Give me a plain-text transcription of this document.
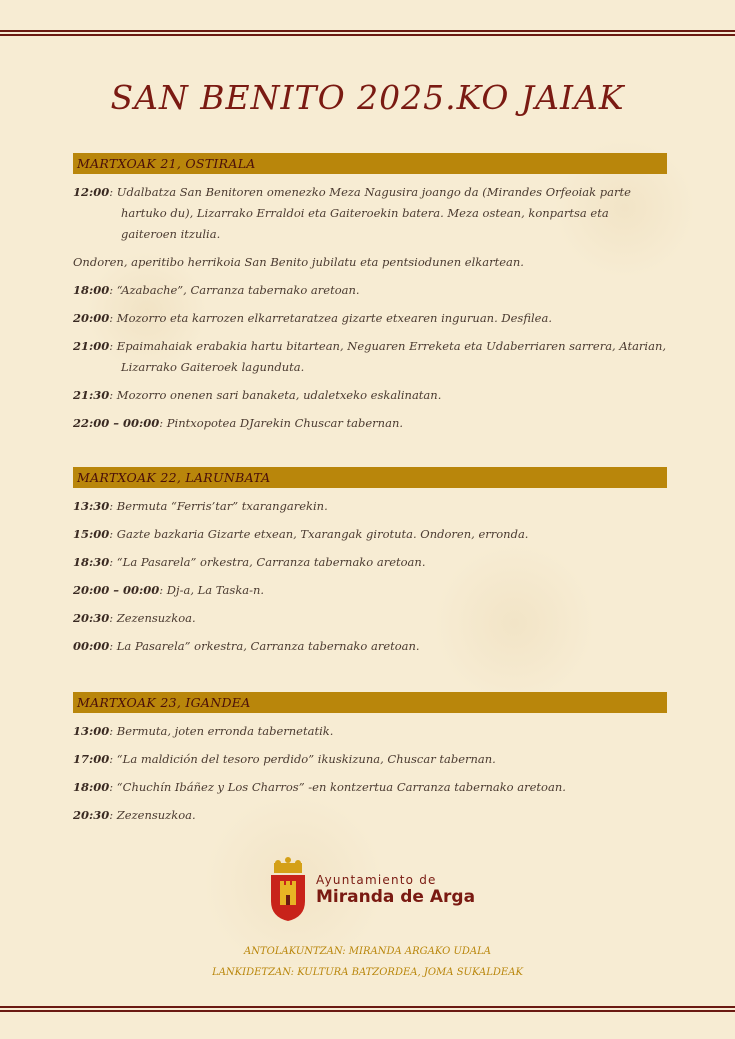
SAN BENITO 2025.KO JAIAK
MARTXOAK 21, OSTIRALA
12:00: Udalbatza San Benitoren omenezko Meza Nagusira joango da (Mirandes Orfeoiak parte hartuko du), Lizarrako Erraldoi eta Gaiteroekin batera. Meza ostean, konpartsa eta gaiteroen itzulia.
Ondoren, aperitibo herrikoia San Benito jubilatu eta pentsiodunen elkartean.
18:00: “Azabache”, Carranza tabernako aretoan.
20:00: Mozorro eta karrozen elkarretaratzea gizarte etxearen inguruan. Desfilea.
21:00: Epaimahaiak erabakia hartu bitartean, Neguaren Erreketa eta Udaberriaren sarrera, Atarian, Lizarrako Gaiteroek lagunduta.
21:30: Mozorro onenen sari banaketa, udaletxeko eskalinatan.
22:00 – 00:00: Pintxopotea DJarekin Chuscar tabernan.
MARTXOAK 22, LARUNBATA
13:30: Bermuta “Ferris’tar” txarangarekin.
15:00: Gazte bazkaria Gizarte etxean, Txarangak girotuta. Ondoren, erronda.
18:30: “La Pasarela” orkestra, Carranza tabernako aretoan.
20:00 – 00:00: Dj-a, La Taska-n.
20:30: Zezensuzkoa.
00:00: La Pasarela” orkestra, Carranza tabernako aretoan.
MARTXOAK 23, IGANDEA
13:00: Bermuta, joten erronda tabernetatik.
17:00: “La maldición del tesoro perdido” ikuskizuna, Chuscar tabernan.
18:00: “Chuchín Ibáñez y Los Charros” -en kontzertua Carranza tabernako aretoan.
20:30: Zezensuzkoa.
Ayuntamiento de
Miranda de Arga
ANTOLAKUNTZAN: MIRANDA ARGAKO UDALA
LANKIDETZAN: KULTURA BATZORDEA, JOMA SUKALDEAK
